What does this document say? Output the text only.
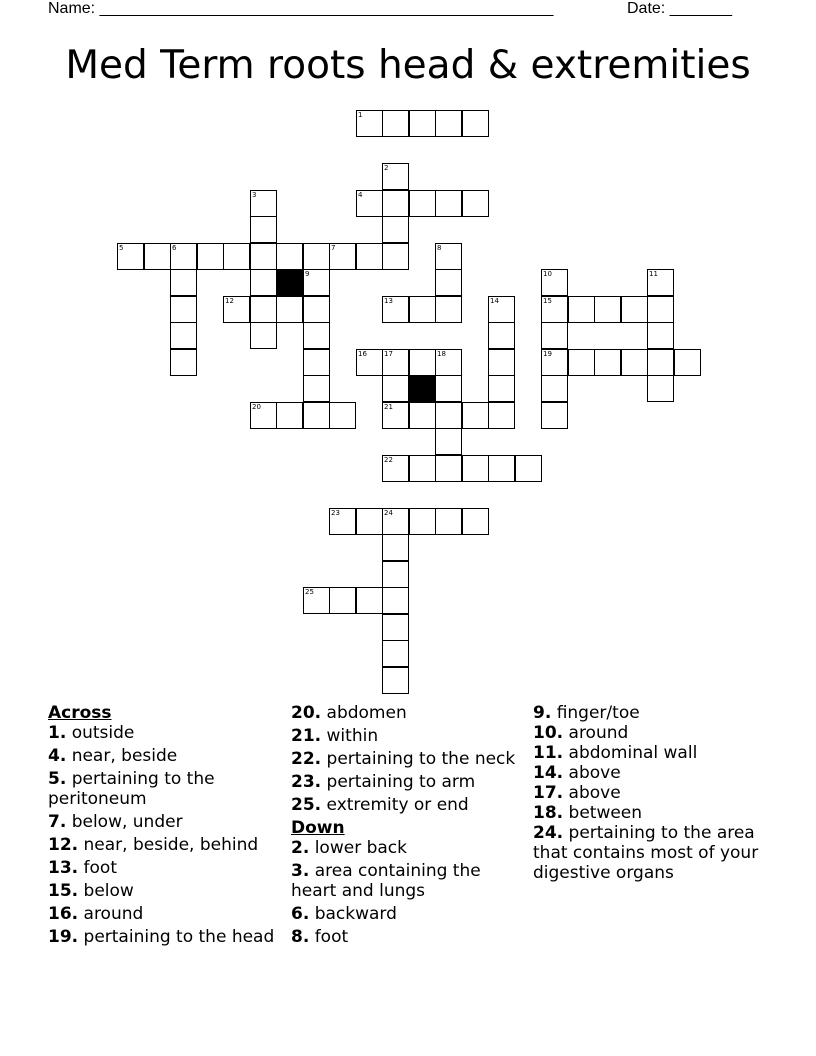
Name: ___________________________________________________	Date: _______
Med Term roots head & extremities
1
4
5	6	7
12	13	15
16 17	18	19
20	21
22
23	24
25
2
3
8
9	10	11
14
Across
1. outside
4. near, beside
5. pertaining to the peritoneum
7. below, under
12. near, beside, behind
13. foot
15. below
16. around
19. pertaining to the head
20. abdomen
21. within
22. pertaining to the neck
23. pertaining to arm
25. extremity or end
Down
2. lower back
3. area containing the heart and lungs
6. backward
8. foot
9. finger/toe
10. around
11. abdominal wall
14. above
17. above
18. between
24. pertaining to the area that contains most of your digestive organs
